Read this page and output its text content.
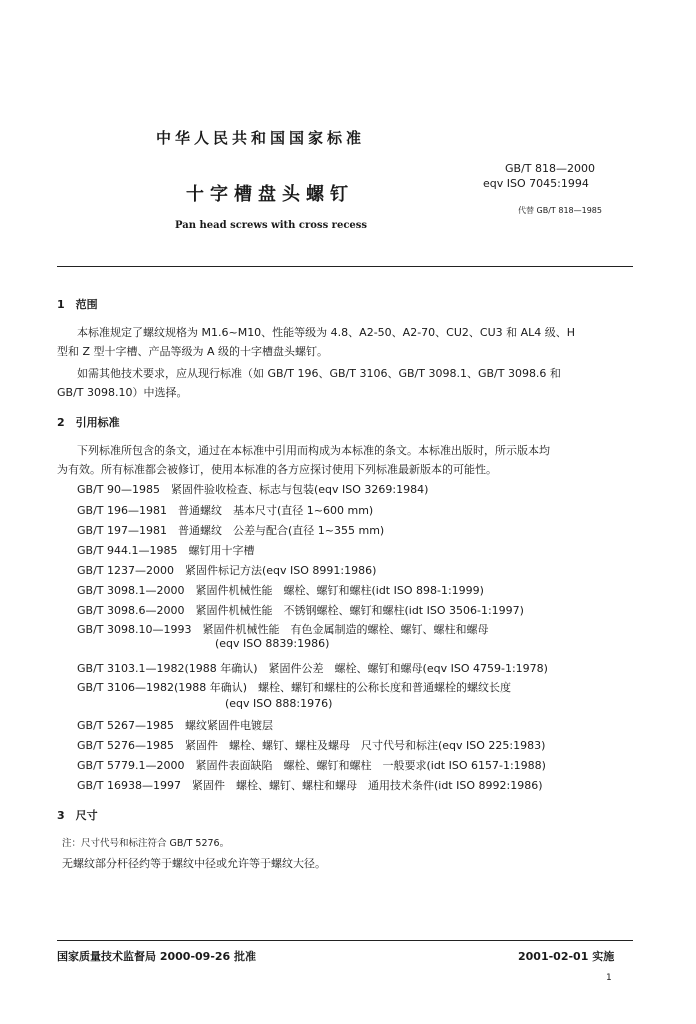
中华人民共和国国家标准
GB/T 818—2000
eqv ISO 7045:1994
十字槽盘头螺钉
代替 GB/T 818—1985
Pan head screws with cross recess
1　范围
本标准规定了螺纹规格为 M1.6~M10、性能等级为 4.8、A2-50、A2-70、CU2、CU3 和 AL4 级、H
型和 Z 型十字槽、产品等级为 A 级的十字槽盘头螺钉。
如需其他技术要求，应从现行标准（如 GB/T 196、GB/T 3106、GB/T 3098.1、GB/T 3098.6 和
GB/T 3098.10）中选择。
2　引用标准
下列标准所包含的条文，通过在本标准中引用而构成为本标准的条文。本标准出版时，所示版本均
为有效。所有标准都会被修订，使用本标准的各方应探讨使用下列标准最新版本的可能性。
GB/T 90—1985　紧固件验收检查、标志与包装(eqv ISO 3269:1984)
GB/T 196—1981　普通螺纹　基本尺寸(直径 1~600 mm)
GB/T 197—1981　普通螺纹　公差与配合(直径 1~355 mm)
GB/T 944.1—1985　螺钉用十字槽
GB/T 1237—2000　紧固件标记方法(eqv ISO 8991:1986)
GB/T 3098.1—2000　紧固件机械性能　螺栓、螺钉和螺柱(idt ISO 898-1:1999)
GB/T 3098.6—2000　紧固件机械性能　不锈钢螺栓、螺钉和螺柱(idt ISO 3506-1:1997)
GB/T 3098.10—1993　紧固件机械性能　有色金属制造的螺栓、螺钉、螺柱和螺母
(eqv ISO 8839:1986)
GB/T 3103.1—1982(1988 年确认)　紧固件公差　螺栓、螺钉和螺母(eqv ISO 4759-1:1978)
GB/T 3106—1982(1988 年确认)　螺栓、螺钉和螺柱的公称长度和普通螺栓的螺纹长度
(eqv ISO 888:1976)
GB/T 5267—1985　螺纹紧固件电镀层
GB/T 5276—1985　紧固件　螺栓、螺钉、螺柱及螺母　尺寸代号和标注(eqv ISO 225:1983)
GB/T 5779.1—2000　紧固件表面缺陷　螺栓、螺钉和螺柱　一般要求(idt ISO 6157-1:1988)
GB/T 16938—1997　紧固件　螺栓、螺钉、螺柱和螺母　通用技术条件(idt ISO 8992:1986)
3　尺寸
注：尺寸代号和标注符合 GB/T 5276。
无螺纹部分杆径约等于螺纹中径或允许等于螺纹大径。
国家质量技术监督局 2000-09-26 批准	2001-02-01 实施
1
